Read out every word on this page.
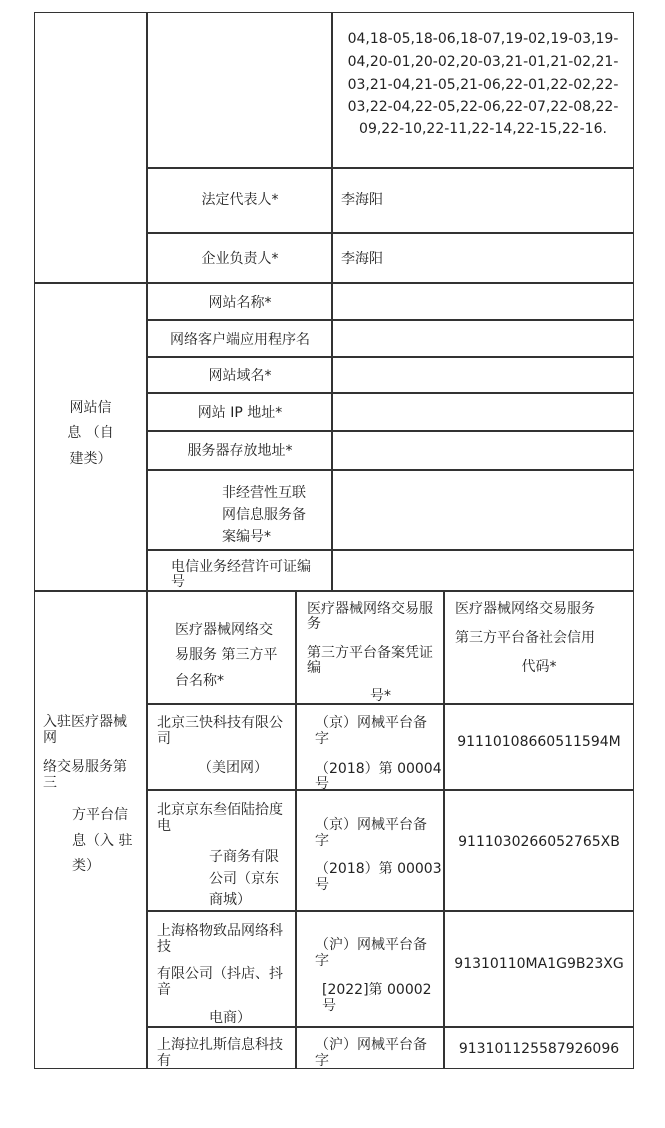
04,18-05,18-06,18-07,19-02,19-03,19-
04,20-01,20-02,20-03,21-01,21-02,21-
03,21-04,21-05,21-06,22-01,22-02,22-
03,22-04,22-05,22-06,22-07,22-08,22-
09,22-10,22-11,22-14,22-15,22-16.
法定代表人*	李海阳
企业负责人*	李海阳
网站信
息 （自
建类）
网站名称*
网络客户端应用程序名
网站域名*
网站 IP 地址*
服务器存放地址*
非经营性互联
网信息服务备
案编号*
电信业务经营许可证编
号
入驻医疗器械
网
络交易服务第
三
方平台信
息（入 驻
类）
医疗器械网络交
易服务 第三方平
台名称*
医疗器械网络交易服
务
第三方平台备案凭证
编
号*
医疗器械网络交易服务
第三方平台备社会信用
代码*
北京三快科技有限公
司
（美团网）
（京）网械平台备
字
（2018）第 00004
号
91110108660511594M
北京京东叁佰陆拾度
电
子商务有限
公司（京东
商城）
（京）网械平台备
字
（2018）第 00003
号
9111030266052765XB
上海格物致品网络科
技
有限公司（抖店、抖
音
电商）
（沪）网械平台备
字
[2022]第 00002
号
91310110MA1G9B23XG
上海拉扎斯信息科技
有
（沪）网械平台备
字
913101125587926096
